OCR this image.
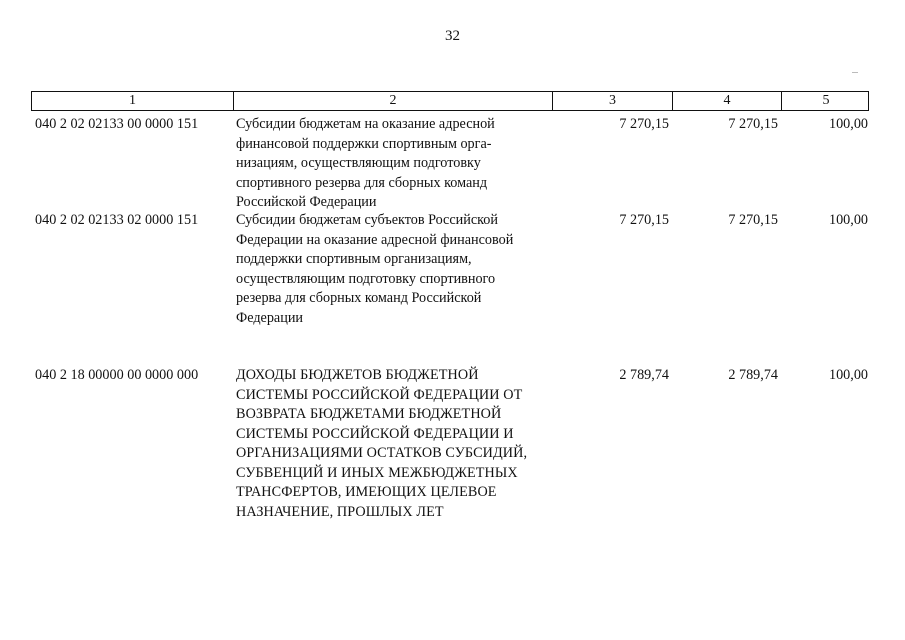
32
1	2	3	4	5
040 2 02 02133 00 0000 151	Субсидии бюджетам на оказание адресной
финансовой поддержки спортивным орга-
низациям, осуществляющим подготовку
спортивного резерва для сборных команд
Российской Федерации
7 270,15	7 270,15	100,00
040 2 02 02133 02 0000 151	Субсидии бюджетам субъектов Российской
Федерации на оказание адресной финансовой
поддержки спортивным организациям,
осуществляющим подготовку спортивного
резерва для сборных команд Российской
Федерации
7 270,15	7 270,15	100,00
040 2 18 00000 00 0000 000	ДОХОДЫ БЮДЖЕТОВ БЮДЖЕТНОЙ
СИСТЕМЫ РОССИЙСКОЙ ФЕДЕРАЦИИ ОТ
ВОЗВРАТА БЮДЖЕТАМИ БЮДЖЕТНОЙ
СИСТЕМЫ РОССИЙСКОЙ ФЕДЕРАЦИИ И
ОРГАНИЗАЦИЯМИ ОСТАТКОВ СУБСИДИЙ,
СУБВЕНЦИЙ И ИНЫХ МЕЖБЮДЖЕТНЫХ
ТРАНСФЕРТОВ, ИМЕЮЩИХ ЦЕЛЕВОЕ
НАЗНАЧЕНИЕ, ПРОШЛЫХ ЛЕТ
2 789,74	2 789,74	100,00
